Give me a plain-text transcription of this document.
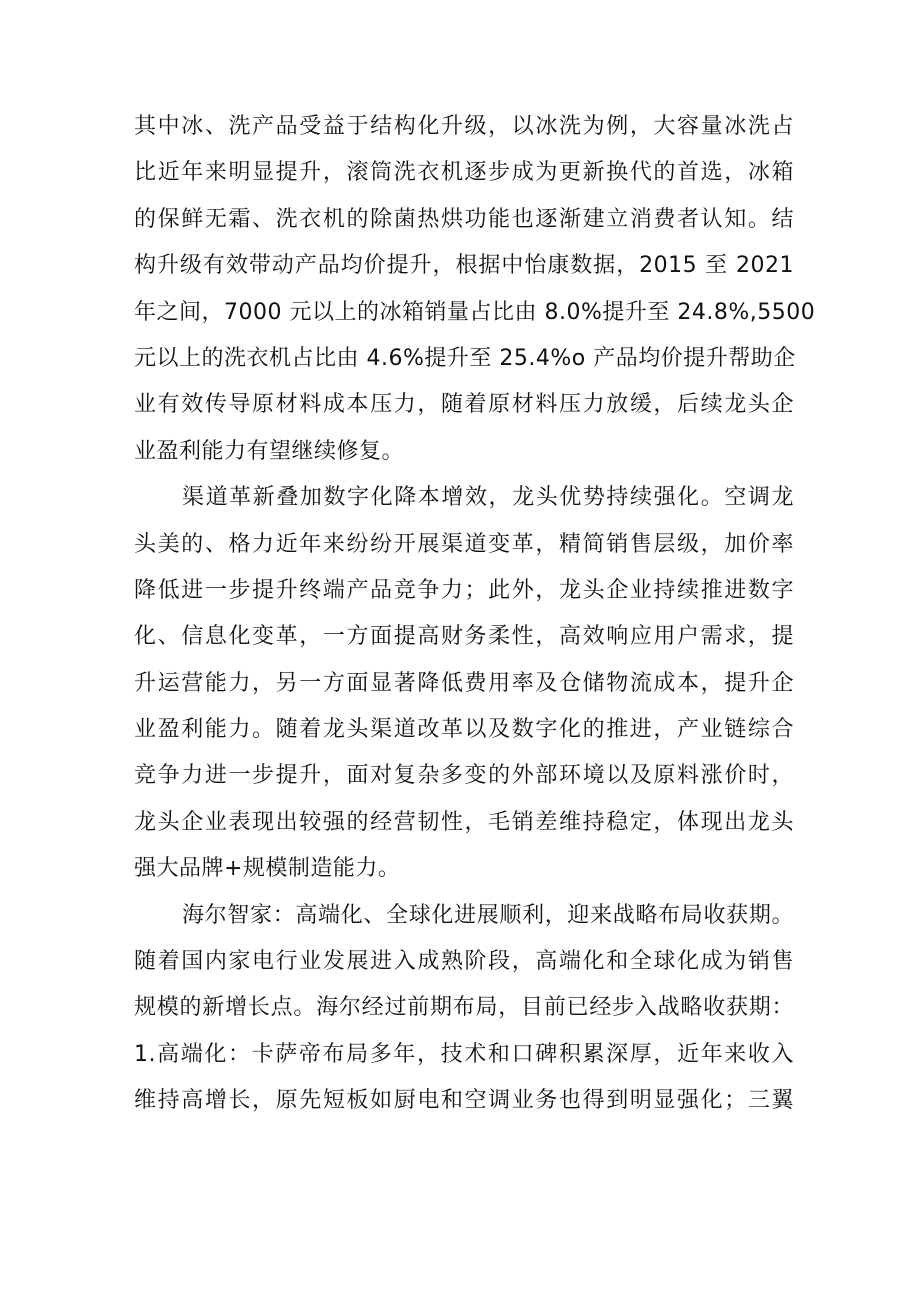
其中冰、洗产品受益于结构化升级，以冰洗为例，大容量冰洗占
比近年来明显提升，滚筒洗衣机逐步成为更新换代的首选，冰箱
的保鲜无霜、洗衣机的除菌热烘功能也逐渐建立消费者认知。结
构升级有效带动产品均价提升，根据中怡康数据，2015 至 2021
年之间，7000 元以上的冰箱销量占比由 8.0%提升至 24.8%,5500
元以上的洗衣机占比由 4.6%提升至 25.4%o 产品均价提升帮助企
业有效传导原材料成本压力，随着原材料压力放缓，后续龙头企
业盈利能力有望继续修复。
渠道革新叠加数字化降本增效，龙头优势持续强化。空调龙
头美的、格力近年来纷纷开展渠道变革，精简销售层级，加价率
降低进一步提升终端产品竞争力；此外，龙头企业持续推进数字
化、信息化变革，一方面提高财务柔性，高效响应用户需求，提
升运营能力，另一方面显著降低费用率及仓储物流成本，提升企
业盈利能力。随着龙头渠道改革以及数字化的推进，产业链综合
竞争力进一步提升，面对复杂多变的外部环境以及原料涨价时，
龙头企业表现出较强的经营韧性，毛销差维持稳定，体现出龙头
强大品牌+规模制造能力。
海尔智家：高端化、全球化进展顺利，迎来战略布局收获期。
随着国内家电行业发展进入成熟阶段，高端化和全球化成为销售
规模的新增长点。海尔经过前期布局，目前已经步入战略收获期：
1.高端化：卡萨帝布局多年，技术和口碑积累深厚，近年来收入
维持高增长，原先短板如厨电和空调业务也得到明显强化；三翼
